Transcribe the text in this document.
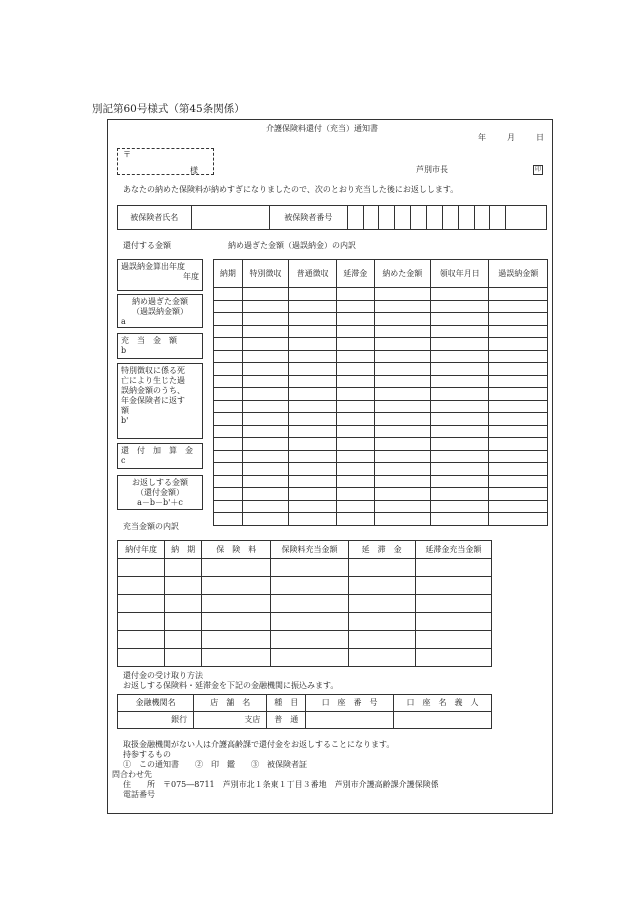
別記第60号様式（第45条関係）
介護保険料還付（充当）通知書
年	月	日
〒
様	芦別市長	印
あなたの納めた保険料が納めすぎになりましたので、次のとおり充当した後にお返しします。
被保険者氏名		被保険者番号											
還付する金額	納め過ぎた金額（過誤納金）の内訳
過誤納金算出年度
年度
納め過ぎた金額
（過誤納金額）
a
充　当　金　額
b
特別徴収に係る死
亡により生じた過
誤納金額のうち、
年金保険者に返す
額
b'
還　付　加　算　金
c
お返しする金額
（還付金額）
a－b－b'＋c
納期	特別徴収	普通徴収	延滞金	納めた金額	領収年月日	過誤納金額

充当金額の内訳
納付年度	納　期	保　険　料	保険料充当金額	延　滞　金	延滞金充当金額

還付金の受け取り方法
お返しする保険料・延滞金を下記の金融機関に振込みます。
金融機関名	店　舗　名	種　目	口　座　番　号	口　座　名　義　人
銀行	支店	普　通		
取扱金融機関がない人は介護高齢課で還付金をお返しすることになります。
持参するもの
①　この通知書　　②　印　鑑　　③　被保険者証
問合わせ先
住　　所　〒075―8711　芦別市北１条東１丁目３番地　芦別市介護高齢課介護保険係
電話番号
